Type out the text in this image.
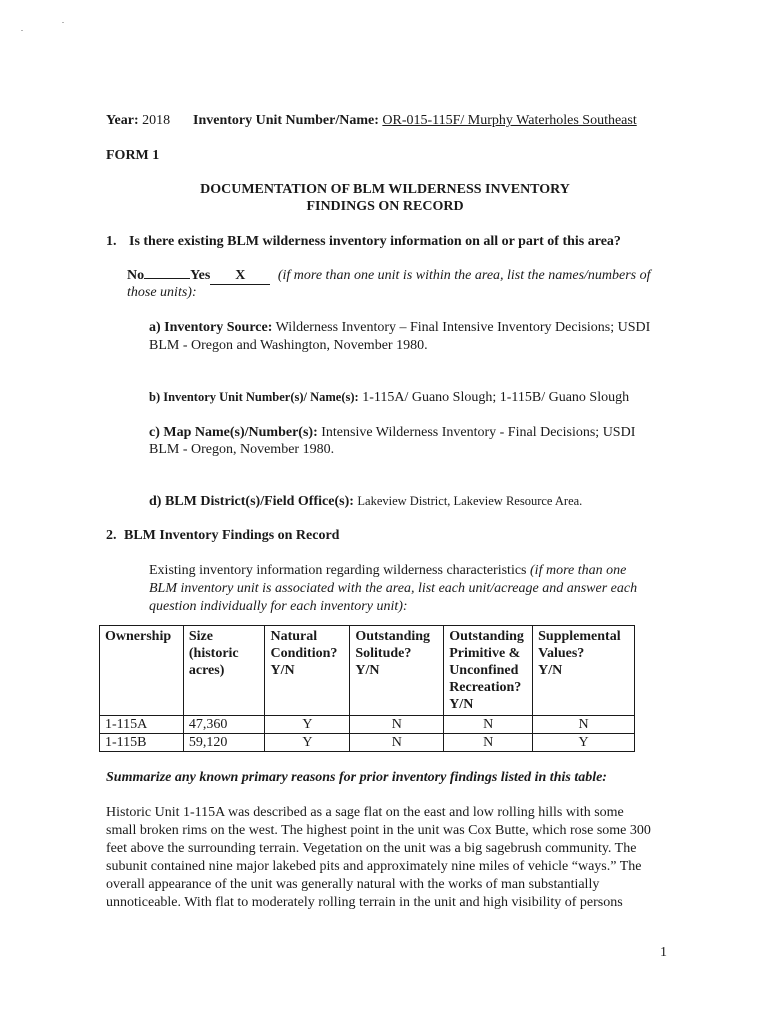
Year: 2018 Inventory Unit Number/Name: OR-015-115F/ Murphy Waterholes Southeast
FORM 1
DOCUMENTATION OF BLM WILDERNESS INVENTORY
FINDINGS ON RECORD
1. Is there existing BLM wilderness inventory information on all or part of this area?
No	Yes X (if more than one unit is within the area, list the names/numbers of
those units):
a) Inventory Source: Wilderness Inventory – Final Intensive Inventory Decisions; USDI
BLM - Oregon and Washington, November 1980.
b) Inventory Unit Number(s)/ Name(s): 1-115A/ Guano Slough; 1-115B/ Guano Slough
c) Map Name(s)/Number(s): Intensive Wilderness Inventory - Final Decisions; USDI
BLM - Oregon, November 1980.
d) BLM District(s)/Field Office(s): Lakeview District, Lakeview Resource Area.
2. BLM Inventory Findings on Record
Existing inventory information regarding wilderness characteristics (if more than one
BLM inventory unit is associated with the area, list each unit/acreage and answer each
question individually for each inventory unit):
Ownership	Size
(historic
acres)	Natural
Condition?
Y/N	Outstanding
Solitude?
Y/N	Outstanding
Primitive &
Unconfined
Recreation?
Y/N	Supplemental
Values?
Y/N
1-115A	47,360	Y	N	N	N
1-115B	59,120	Y	N	N	Y
Summarize any known primary reasons for prior inventory findings listed in this table:
Historic Unit 1-115A was described as a sage flat on the east and low rolling hills with some
small broken rims on the west. The highest point in the unit was Cox Butte, which rose some 300
feet above the surrounding terrain. Vegetation on the unit was a big sagebrush community. The
subunit contained nine major lakebed pits and approximately nine miles of vehicle “ways.” The
overall appearance of the unit was generally natural with the works of man substantially
unnoticeable. With flat to moderately rolling terrain in the unit and high visibility of persons
1
